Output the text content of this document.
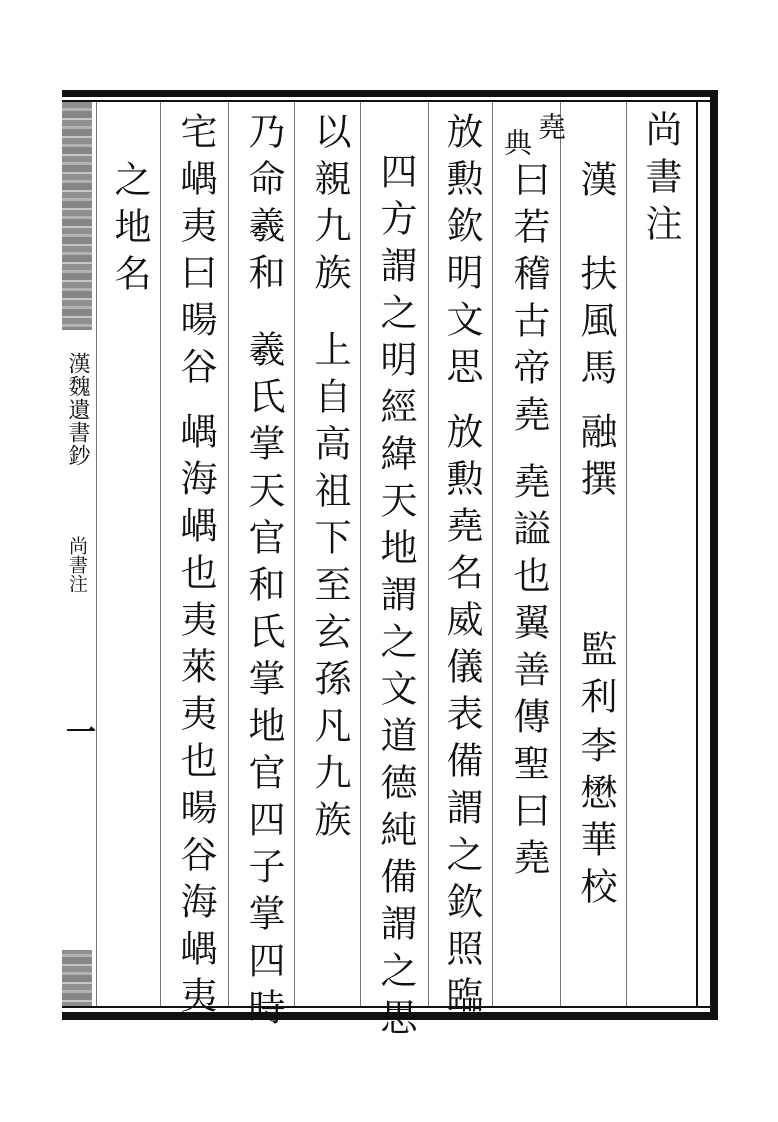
漢魏遺書鈔
尚書注
一
尚書注
漢　扶風馬
融撰
監利
李懋華校
堯
典
曰若稽古帝堯
堯謚也翼善傳聖曰堯
放勲欽明文思
放勲堯名威儀表備謂之欽照臨
四方謂之明經緯天地謂之文道德純備謂之思
以親九族
上自高祖下至玄孫凡九族
乃命羲和
羲氏掌天官和氏掌地官四子掌四時
宅嵎夷曰暘谷
嵎海嵎也夷萊夷也暘谷海嵎夷
之地名
